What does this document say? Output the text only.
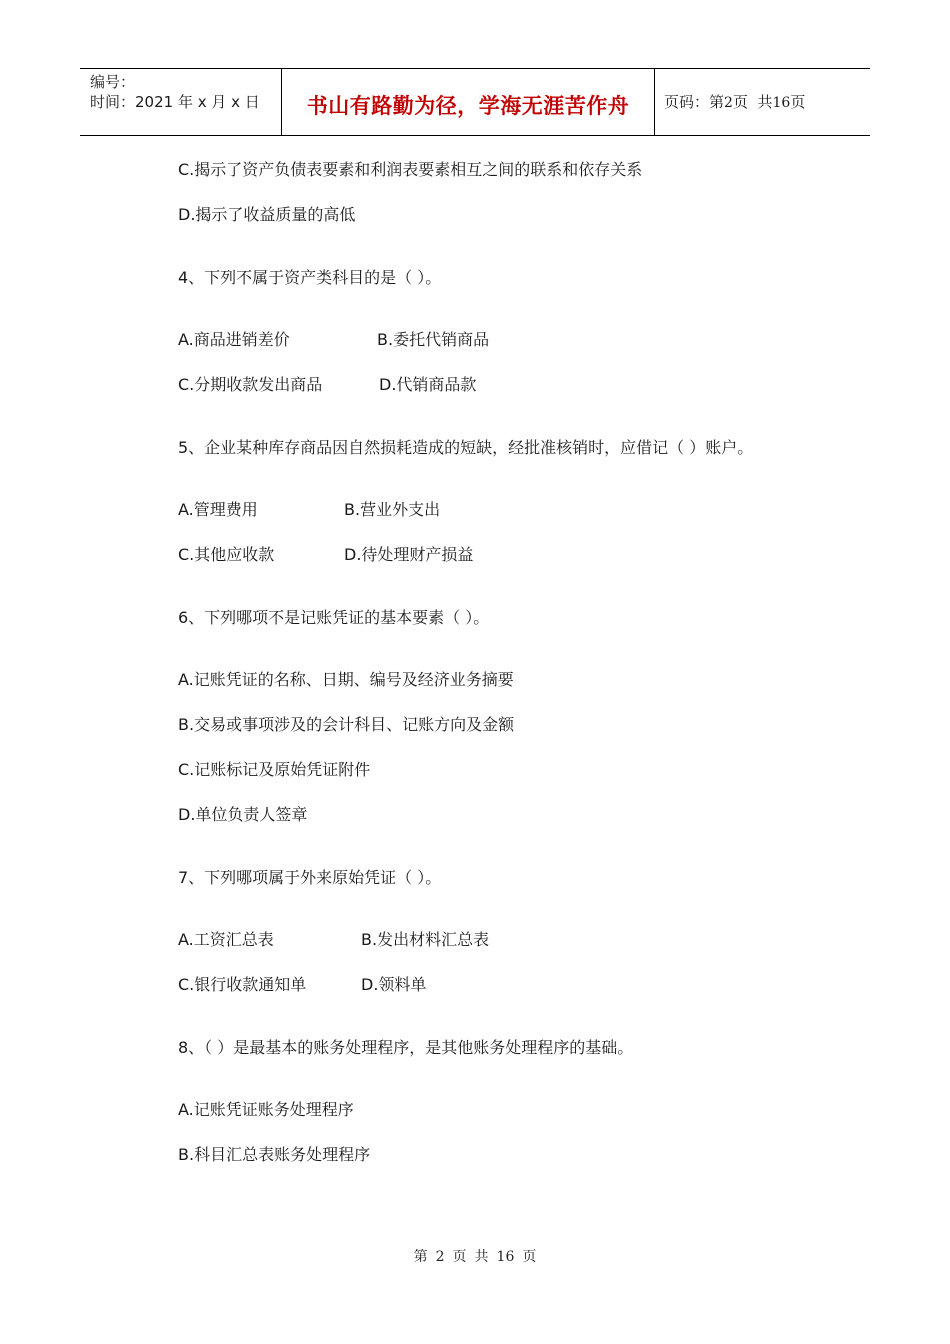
编号：
时间：2021 年 x 月 x 日	书山有路勤为径，学海无涯苦作舟	页码：第2页  共16页
C.揭示了资产负债表要素和利润表要素相互之间的联系和依存关系
D.揭示了收益质量的高低
4、下列不属于资产类科目的是（ ）。
A.商品进销差价	B.委托代销商品
C.分期收款发出商品	D.代销商品款
5、企业某种库存商品因自然损耗造成的短缺，经批准核销时，应借记（ ）账户。
A.管理费用	B.营业外支出
C.其他应收款	D.待处理财产损益
6、下列哪项不是记账凭证的基本要素（ ）。
A.记账凭证的名称、日期、编号及经济业务摘要
B.交易或事项涉及的会计科目、记账方向及金额
C.记账标记及原始凭证附件
D.单位负责人签章
7、下列哪项属于外来原始凭证（ ）。
A.工资汇总表	B.发出材料汇总表
C.银行收款通知单	D.领料单
8、（ ）是最基本的账务处理程序，是其他账务处理程序的基础。
A.记账凭证账务处理程序
B.科目汇总表账务处理程序
第 2 页 共 16 页
